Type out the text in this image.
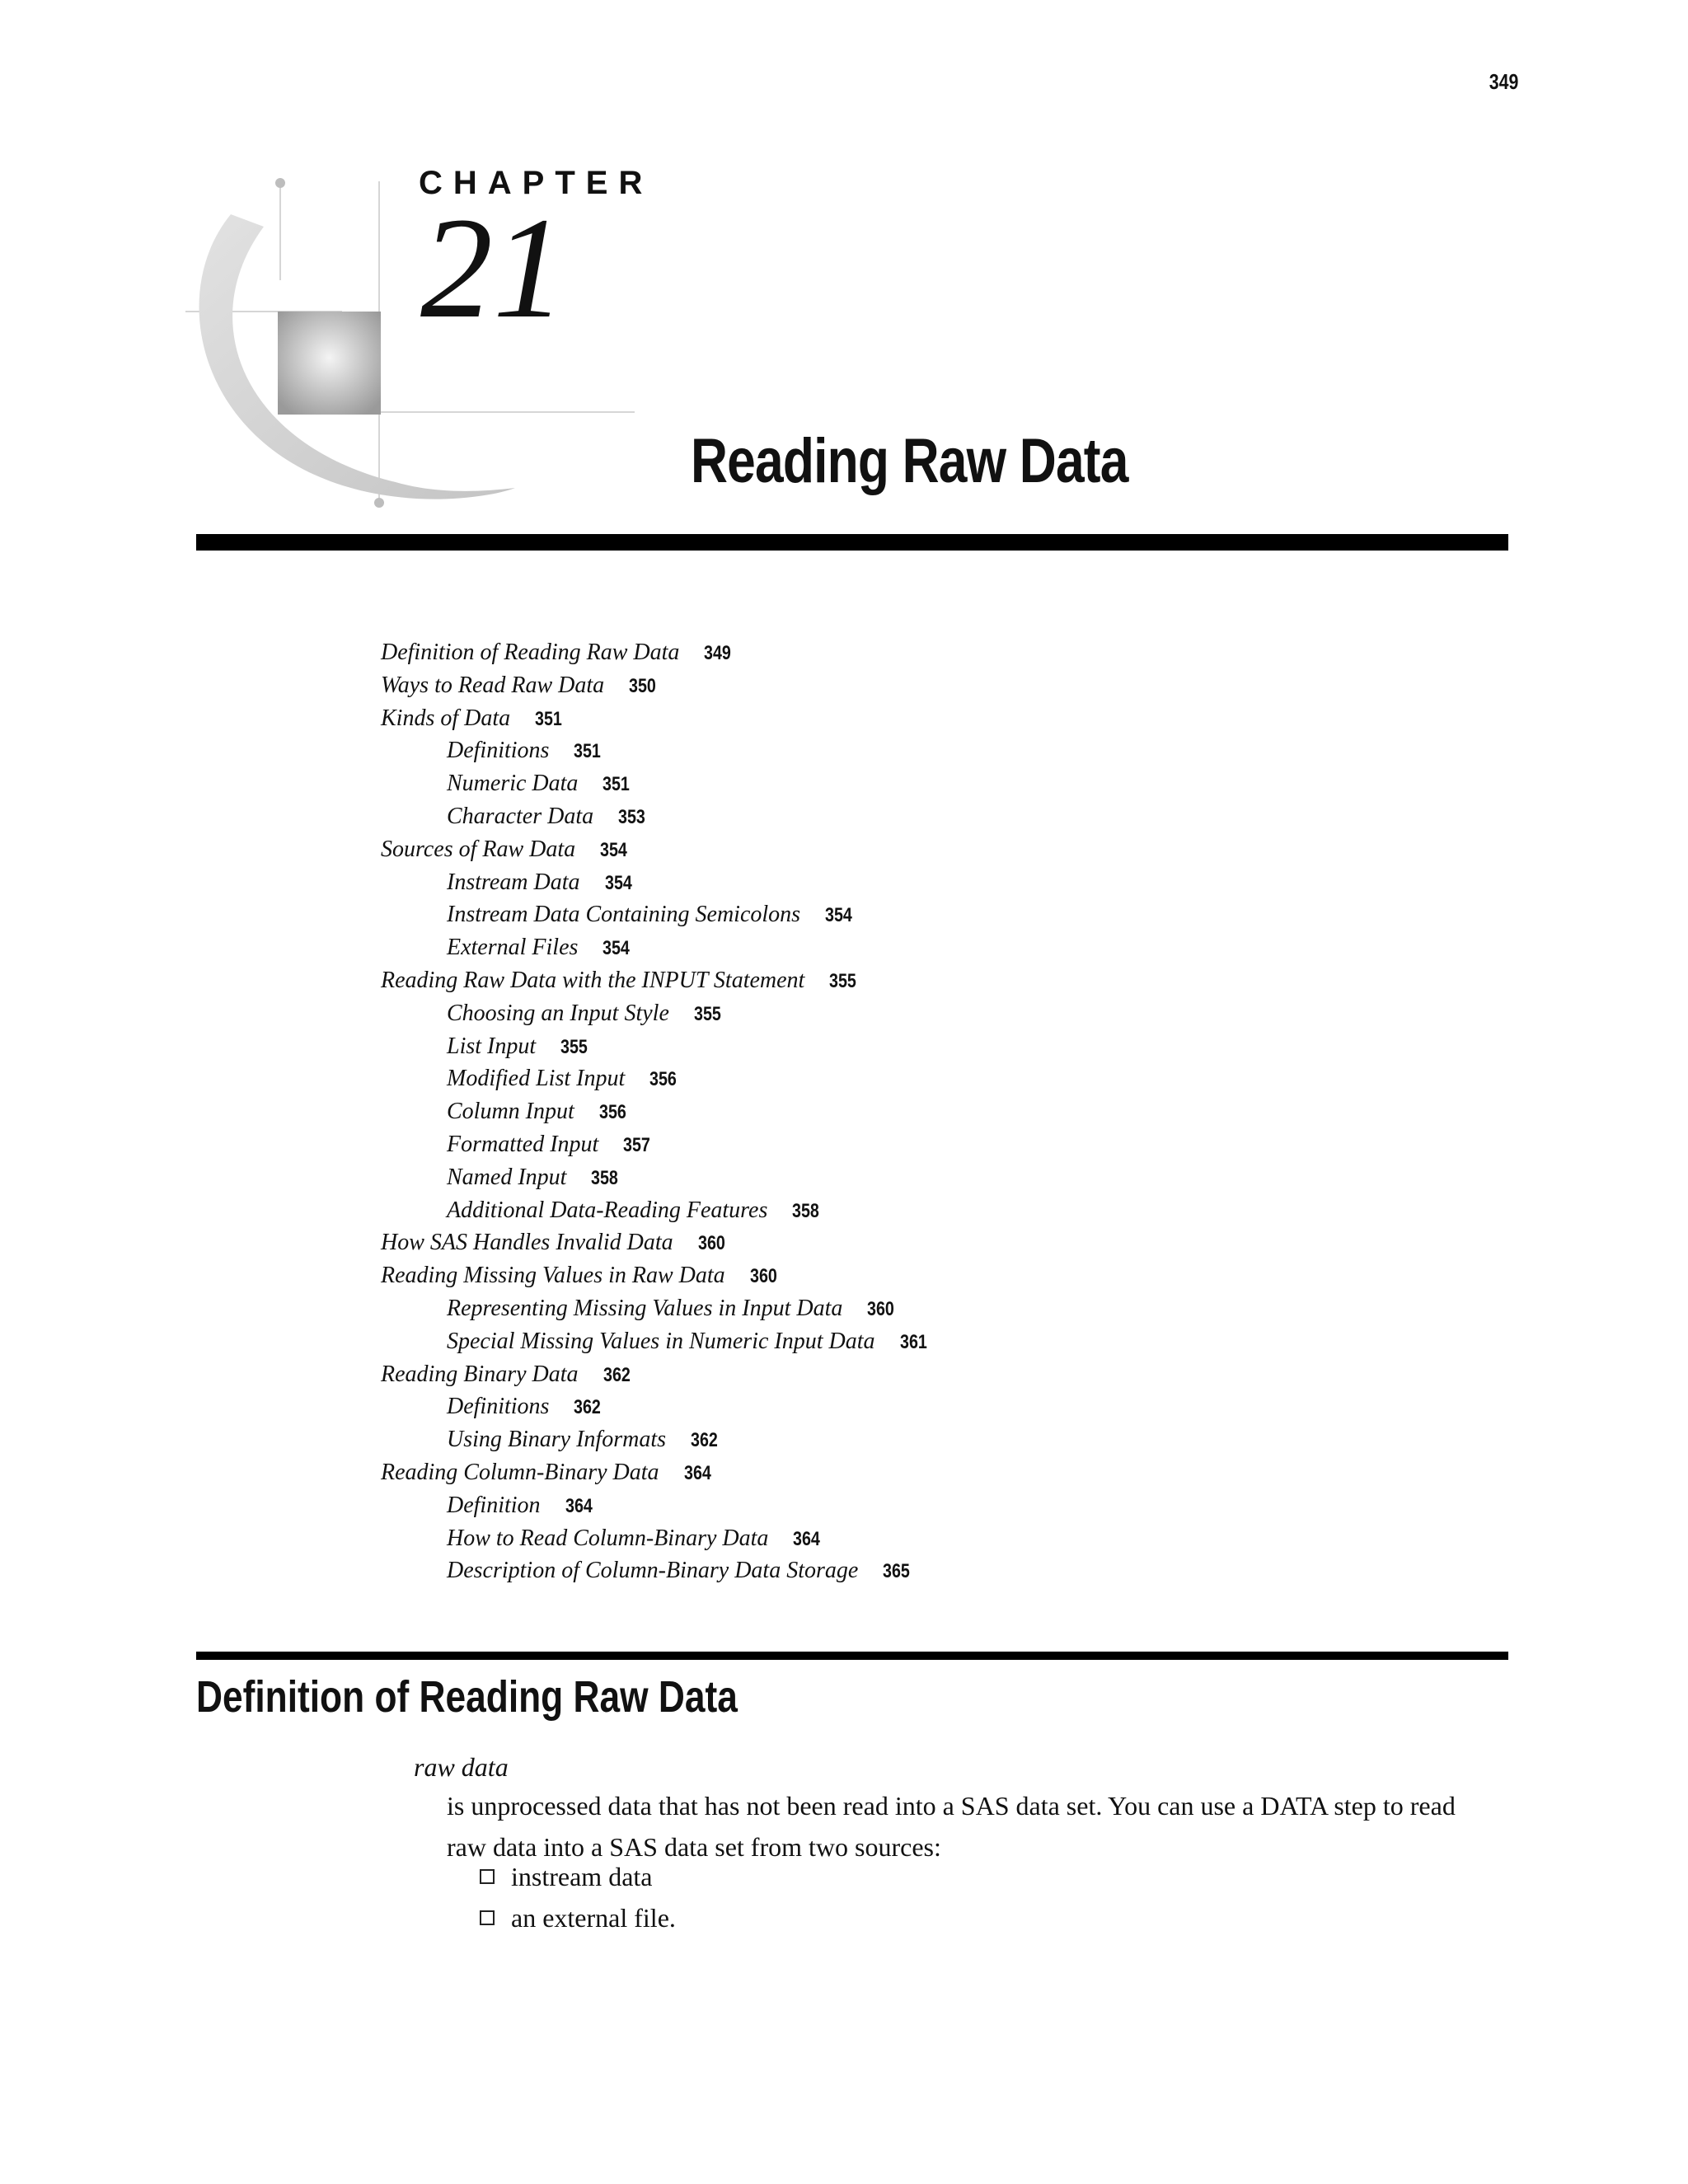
349
CHAPTER
21
Reading Raw Data
Definition of Reading Raw Data 349
Ways to Read Raw Data 350
Kinds of Data 351
Definitions 351
Numeric Data 351
Character Data 353
Sources of Raw Data 354
Instream Data 354
Instream Data Containing Semicolons 354
External Files 354
Reading Raw Data with the INPUT Statement 355
Choosing an Input Style 355
List Input 355
Modified List Input 356
Column Input 356
Formatted Input 357
Named Input 358
Additional Data-Reading Features 358
How SAS Handles Invalid Data 360
Reading Missing Values in Raw Data 360
Representing Missing Values in Input Data 360
Special Missing Values in Numeric Input Data 361
Reading Binary Data 362
Definitions 362
Using Binary Informats 362
Reading Column-Binary Data 364
Definition 364
How to Read Column-Binary Data 364
Description of Column-Binary Data Storage 365
Definition of Reading Raw Data
raw data
is unprocessed data that has not been read into a SAS data set. You can use a DATA step to read raw data into a SAS data set from two sources:
instream data
an external file.
